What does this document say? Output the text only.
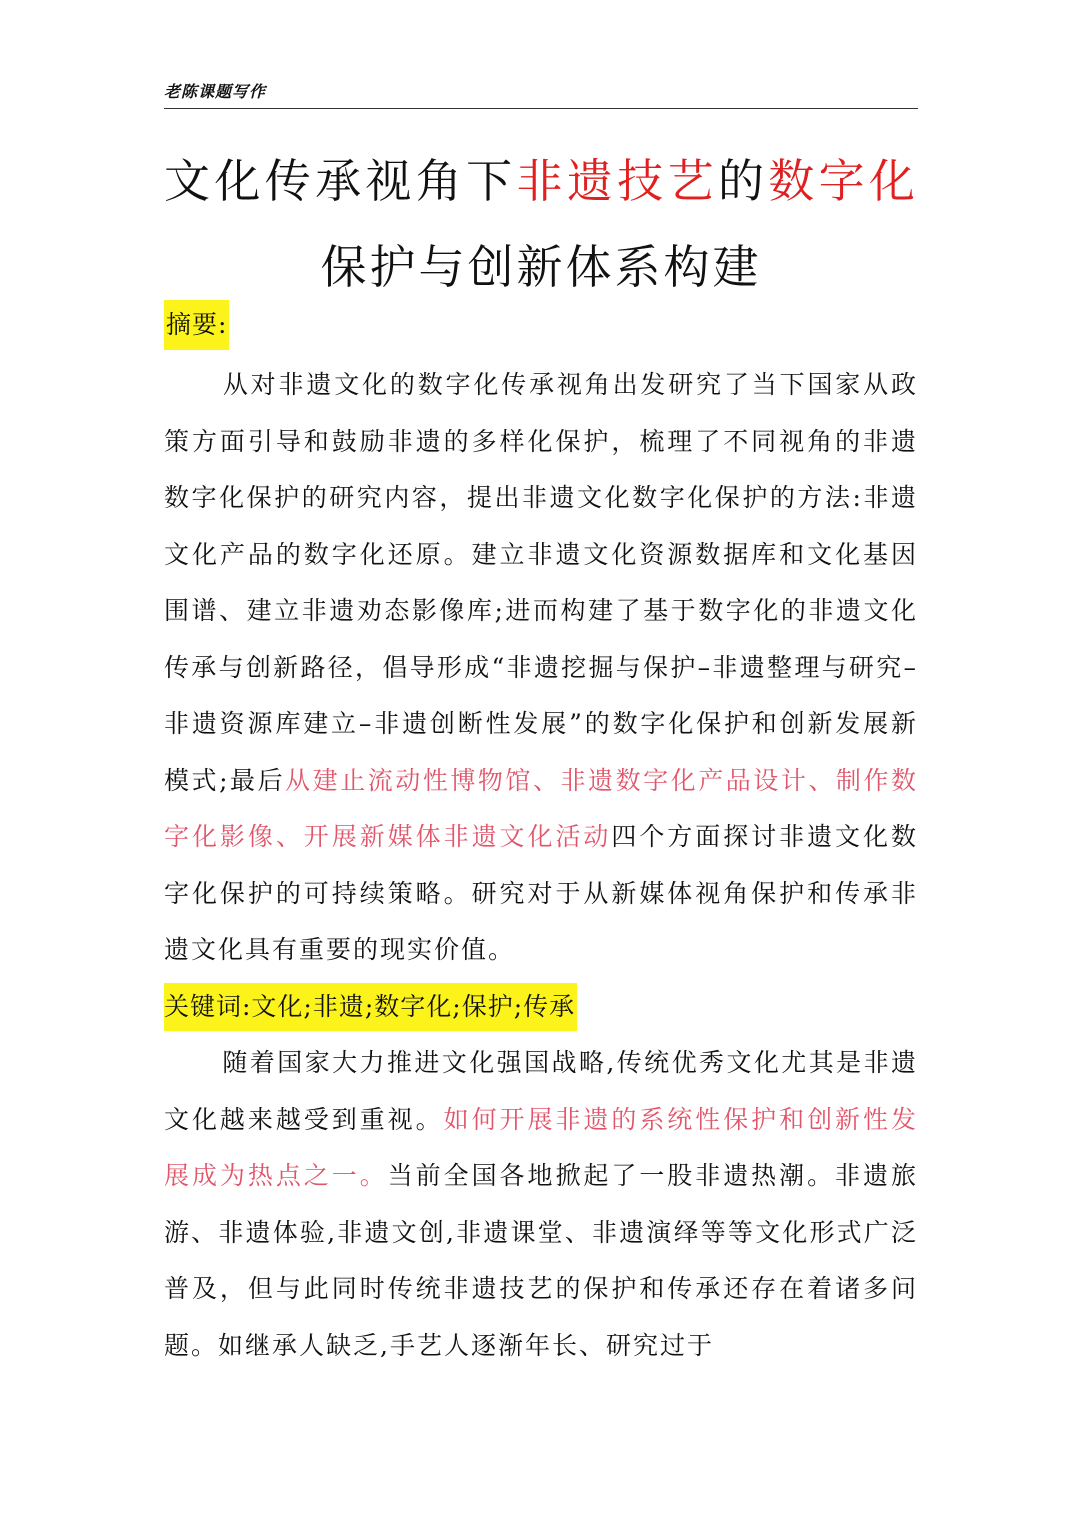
老陈课题写作
文化传承视角下非遗技艺的数字化
保护与创新体系构建
摘要:
从对非遗文化的数字化传承视角出发研究了当下国家从政策方面引导和鼓励非遗的多样化保护，梳理了不同视角的非遗数字化保护的研究内容，提出非遗文化数字化保护的方法:非遗文化产品的数字化还原。建立非遗文化资源数据库和文化基因围谱、建立非遗劝态影像库;进而构建了基于数字化的非遗文化传承与创新路径，倡导形成“非遗挖掘与保护–非遗整理与研究–非遗资源库建立–非遗创断性发展”的数字化保护和创新发展新模式;最后从建止流动性博物馆、非遗数字化产品设计、制作数字化影像、开展新媒体非遗文化活动四个方面探讨非遗文化数字化保护的可持续策略。研究对于从新媒体视角保护和传承非遗文化具有重要的现实价值。
关键词:文化;非遗;数字化;保护;传承
随着国家大力推进文化强国战略,传统优秀文化尤其是非遗文化越来越受到重视。如何开展非遗的系统性保护和创新性发展成为热点之一。当前全国各地掀起了一股非遗热潮。非遗旅游、非遗体验,非遗文创,非遗课堂、非遗演绎等等文化形式广泛普及，但与此同时传统非遗技艺的保护和传承还存在着诸多问题。如继承人缺乏,手艺人逐渐年长、研究过于
